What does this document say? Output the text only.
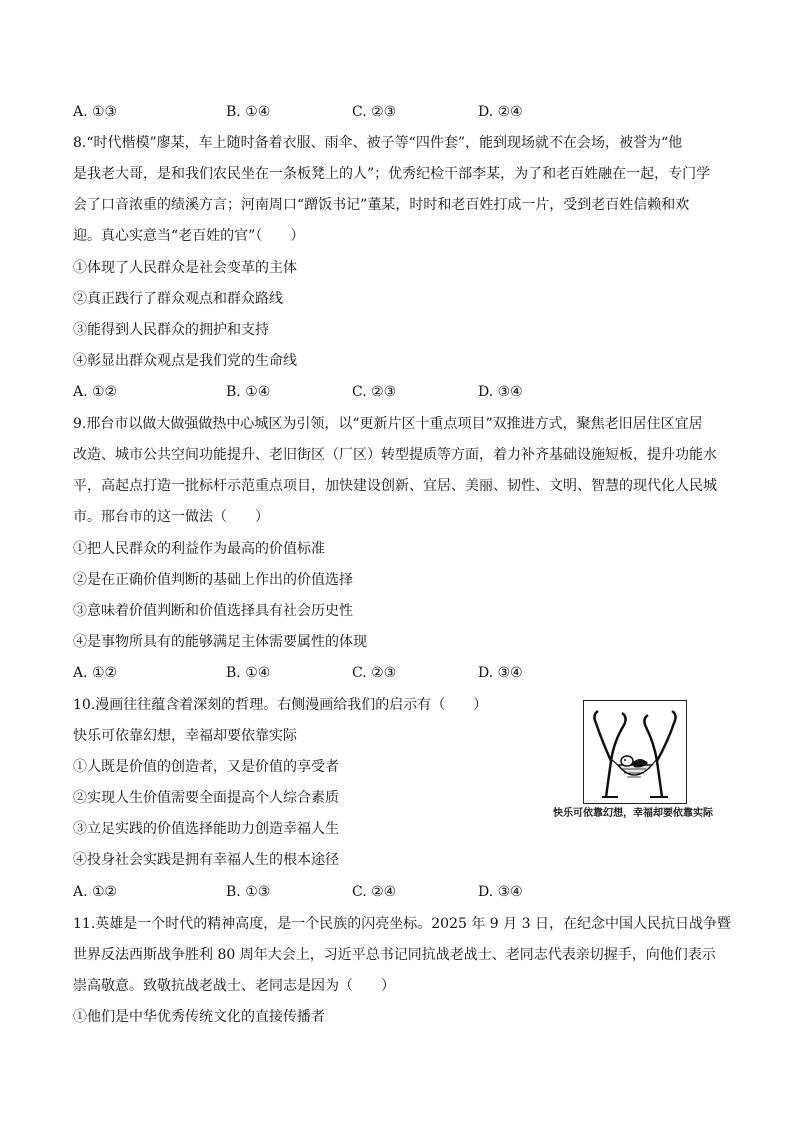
A. ①③	B. ①④	C. ②③	D. ②④
8.“时代楷模”廖某，车上随时备着衣服、雨伞、被子等“四件套”，能到现场就不在会场，被誉为“他
是我老大哥，是和我们农民坐在一条板凳上的人”；优秀纪检干部李某，为了和老百姓融在一起，专门学
会了口音浓重的绩溪方言；河南周口“蹭饭书记”董某，时时和老百姓打成一片，受到老百姓信赖和欢
迎。真心实意当“老百姓的官”（　　）
①体现了人民群众是社会变革的主体
②真正践行了群众观点和群众路线
③能得到人民群众的拥护和支持
④彰显出群众观点是我们党的生命线
A. ①②	B. ①④	C. ②③	D. ③④
9.邢台市以做大做强做热中心城区为引领，以“更新片区十重点项目”双推进方式，聚焦老旧居住区宜居
改造、城市公共空间功能提升、老旧街区（厂区）转型提质等方面，着力补齐基础设施短板，提升功能水
平，高起点打造一批标杆示范重点项目，加快建设创新、宜居、美丽、韧性、文明、智慧的现代化人民城
市。邢台市的这一做法（　　）
①把人民群众的利益作为最高的价值标准
②是在正确价值判断的基础上作出的价值选择
③意味着价值判断和价值选择具有社会历史性
④是事物所具有的能够满足主体需要属性的体现
A. ①②	B. ①④	C. ②③	D. ③④
10.漫画往往蕴含着深刻的哲理。右侧漫画给我们的启示有（　　）
快乐可依靠幻想，幸福却要依靠实际
①人既是价值的创造者，又是价值的享受者
②实现人生价值需要全面提高个人综合素质
③立足实践的价值选择能助力创造幸福人生
④投身社会实践是拥有幸福人生的根本途径
A. ①②	B. ①③	C. ②④	D. ③④
快乐可依靠幻想，幸福却要依靠实际
11.英雄是一个时代的精神高度，是一个民族的闪亮坐标。2025 年 9 月 3 日，在纪念中国人民抗日战争暨
世界反法西斯战争胜利 80 周年大会上，习近平总书记同抗战老战士、老同志代表亲切握手，向他们表示
崇高敬意。致敬抗战老战士、老同志是因为（　　）
①他们是中华优秀传统文化的直接传播者
